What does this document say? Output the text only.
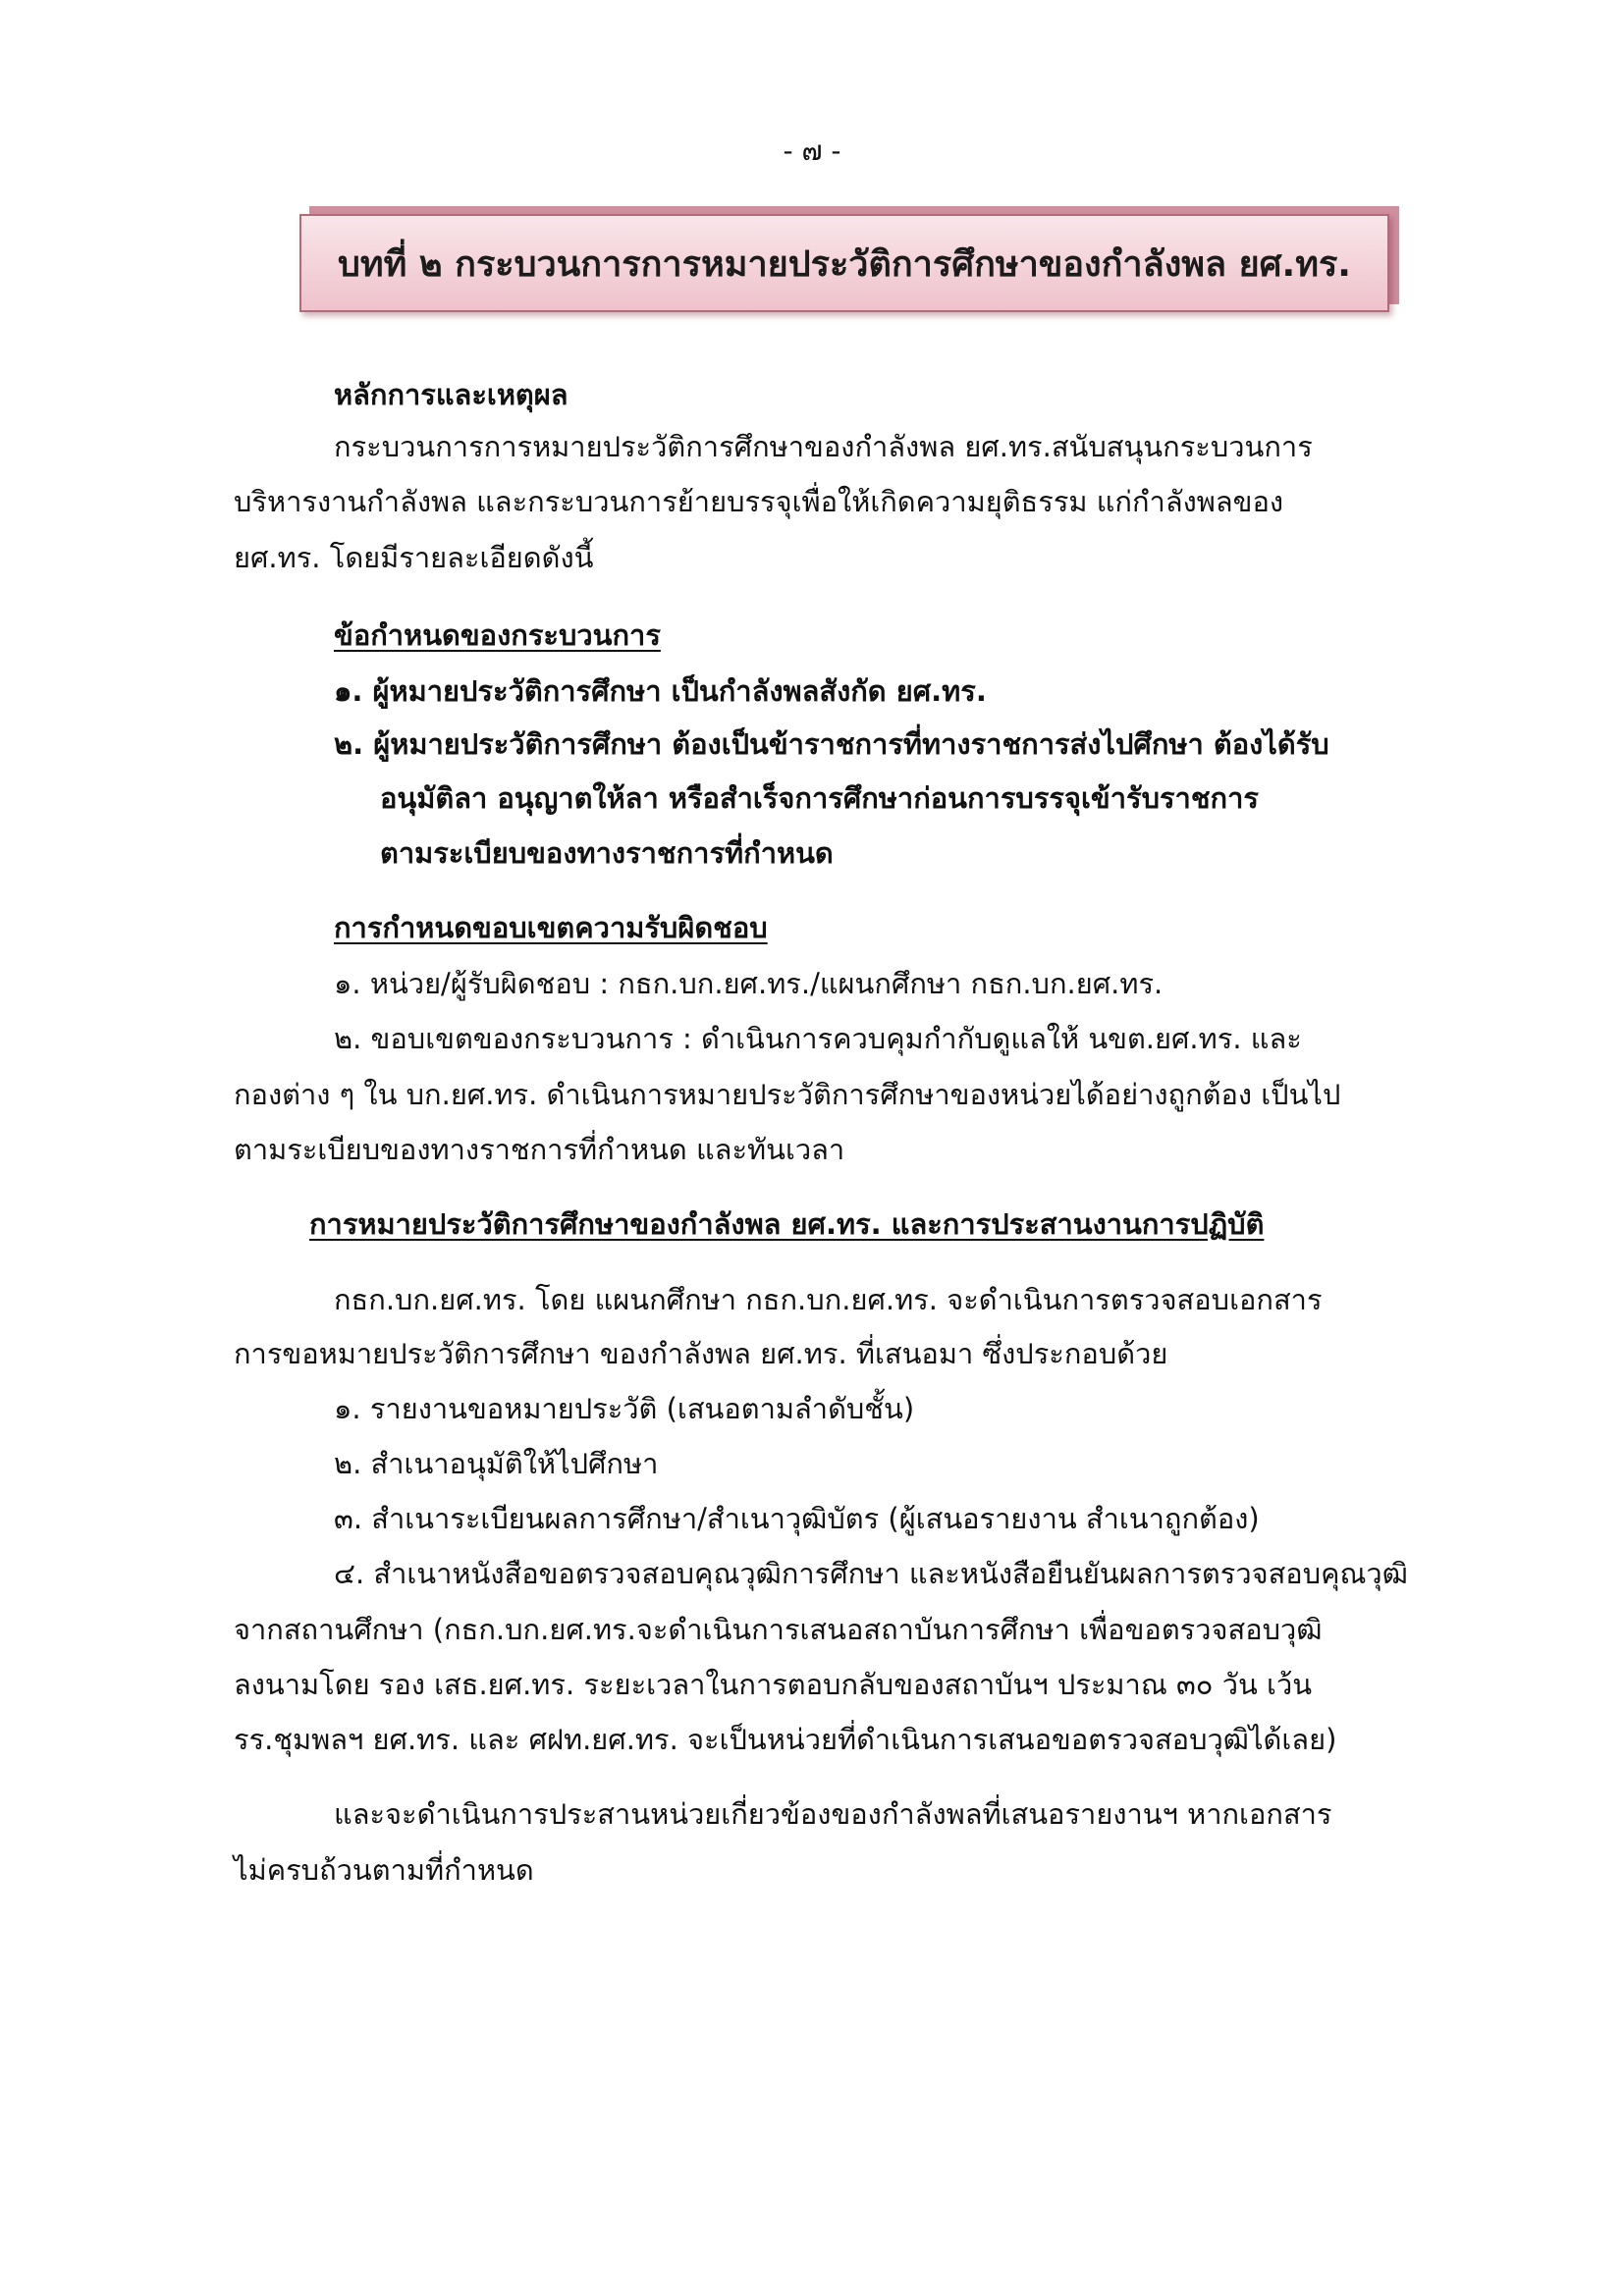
- ๗ -
บทที่ ๒ กระบวนการการหมายประวัติการศึกษาของกำลังพล ยศ.ทร.
หลักการและเหตุผล
กระบวนการการหมายประวัติการศึกษาของกำลังพล ยศ.ทร.สนับสนุนกระบวนการ
บริหารงานกำลังพล และกระบวนการย้ายบรรจุเพื่อให้เกิดความยุติธรรม แก่กำลังพลของ
ยศ.ทร. โดยมีรายละเอียดดังนี้
ข้อกำหนดของกระบวนการ
๑. ผู้หมายประวัติการศึกษา เป็นกำลังพลสังกัด ยศ.ทร.
๒. ผู้หมายประวัติการศึกษา ต้องเป็นข้าราชการที่ทางราชการส่งไปศึกษา ต้องได้รับ
อนุมัติลา อนุญาตให้ลา หรือสำเร็จการศึกษาก่อนการบรรจุเข้ารับราชการ
ตามระเบียบของทางราชการที่กำหนด
การกำหนดขอบเขตความรับผิดชอบ
๑. หน่วย/ผู้รับผิดชอบ : กธก.บก.ยศ.ทร./แผนกศึกษา กธก.บก.ยศ.ทร.
๒. ขอบเขตของกระบวนการ : ดำเนินการควบคุมกำกับดูแลให้ นขต.ยศ.ทร. และ
กองต่าง ๆ ใน บก.ยศ.ทร. ดำเนินการหมายประวัติการศึกษาของหน่วยได้อย่างถูกต้อง เป็นไป
ตามระเบียบของทางราชการที่กำหนด และทันเวลา
การหมายประวัติการศึกษาของกำลังพล ยศ.ทร. และการประสานงานการปฏิบัติ
กธก.บก.ยศ.ทร. โดย แผนกศึกษา กธก.บก.ยศ.ทร. จะดำเนินการตรวจสอบเอกสาร
การขอหมายประวัติการศึกษา ของกำลังพล ยศ.ทร. ที่เสนอมา ซึ่งประกอบด้วย
๑. รายงานขอหมายประวัติ (เสนอตามลำดับชั้น)
๒. สำเนาอนุมัติให้ไปศึกษา
๓. สำเนาระเบียนผลการศึกษา/สำเนาวุฒิบัตร (ผู้เสนอรายงาน สำเนาถูกต้อง)
๔. สำเนาหนังสือขอตรวจสอบคุณวุฒิการศึกษา และหนังสือยืนยันผลการตรวจสอบคุณวุฒิ
จากสถานศึกษา (กธก.บก.ยศ.ทร.จะดำเนินการเสนอสถาบันการศึกษา เพื่อขอตรวจสอบวุฒิ
ลงนามโดย รอง เสธ.ยศ.ทร. ระยะเวลาในการตอบกลับของสถาบันฯ ประมาณ ๓๐ วัน เว้น
รร.ชุมพลฯ ยศ.ทร. และ ศฝท.ยศ.ทร. จะเป็นหน่วยที่ดำเนินการเสนอขอตรวจสอบวุฒิได้เลย)
และจะดำเนินการประสานหน่วยเกี่ยวข้องของกำลังพลที่เสนอรายงานฯ หากเอกสาร
ไม่ครบถ้วนตามที่กำหนด
